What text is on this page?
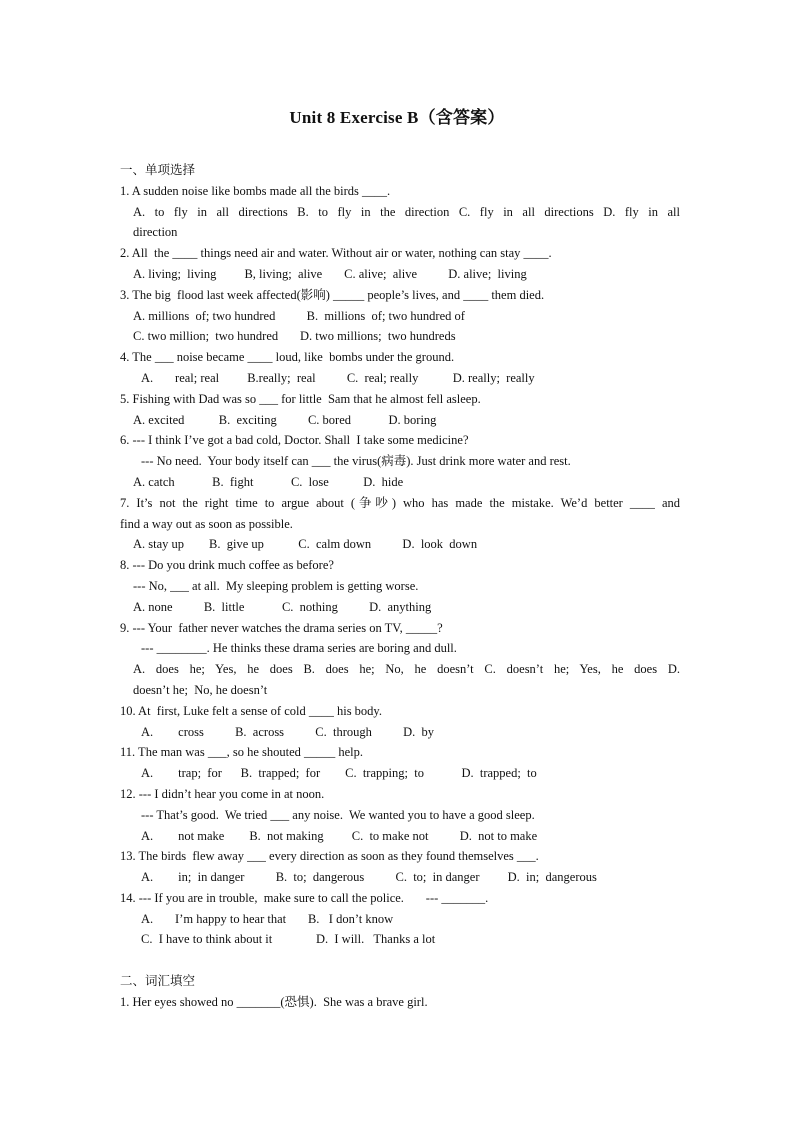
Unit 8 Exercise B（含答案）
一、单项选择
1. A sudden noise like bombs made all the birds ____.
A. to fly in all directions B. to fly in the direction C. fly in all directions D. fly in all
direction
2. All  the ____ things need air and water. Without air or water, nothing can stay ____.
A. living;  living         B, living;  alive       C. alive;  alive          D. alive;  living
3. The big  flood last week affected(影响) _____ people’s lives, and ____ them died.
A. millions  of; two hundred          B.  millions  of; two hundred of
C. two million;  two hundred       D. two millions;  two hundreds
4. The ___ noise became ____ loud, like  bombs under the ground.
A.       real; real         B.really;  real          C.  real; really           D. really;  really
5. Fishing with Dad was so ___ for little  Sam that he almost fell asleep.
A. excited           B.  exciting          C. bored            D. boring
6. --- I think I’ve got a bad cold, Doctor. Shall  I take some medicine?
--- No need.  Your body itself can ___ the virus(病毒). Just drink more water and rest.
A. catch            B.  fight            C.  lose           D.  hide
7. It’s not the right time to argue about (争吵) who has made the mistake. We’d better ____ and
find a way out as soon as possible.
A. stay up        B.  give up           C.  calm down          D.  look  down
8. --- Do you drink much coffee as before?
--- No, ___ at all.  My sleeping problem is getting worse.
A. none          B.  little            C.  nothing          D.  anything
9. --- Your  father never watches the drama series on TV, _____?
--- ________. He thinks these drama series are boring and dull.
A. does he; Yes, he does B. does he; No, he doesn’t C. doesn’t he; Yes, he does D.
doesn’t he;  No, he doesn’t
10. At  first, Luke felt a sense of cold ____ his body.
A.        cross          B.  across          C.  through          D.  by
11. The man was ___, so he shouted _____ help.
A.        trap;  for      B.  trapped;  for        C.  trapping;  to            D.  trapped;  to
12. --- I didn’t hear you come in at noon.
--- That’s good.  We tried ___ any noise.  We wanted you to have a good sleep.
A.        not make        B.  not making         C.  to make not          D.  not to make
13. The birds  flew away ___ every direction as soon as they found themselves ___.
A.        in;  in danger          B.  to;  dangerous          C.  to;  in danger         D.  in;  dangerous
14. --- If you are in trouble,  make sure to call the police.       --- _______.
A.       I’m happy to hear that       B.   I don’t know
C.  I have to think about it              D.  I will.   Thanks a lot
二、词汇填空
1. Her eyes showed no _______(恐惧).  She was a brave girl.
